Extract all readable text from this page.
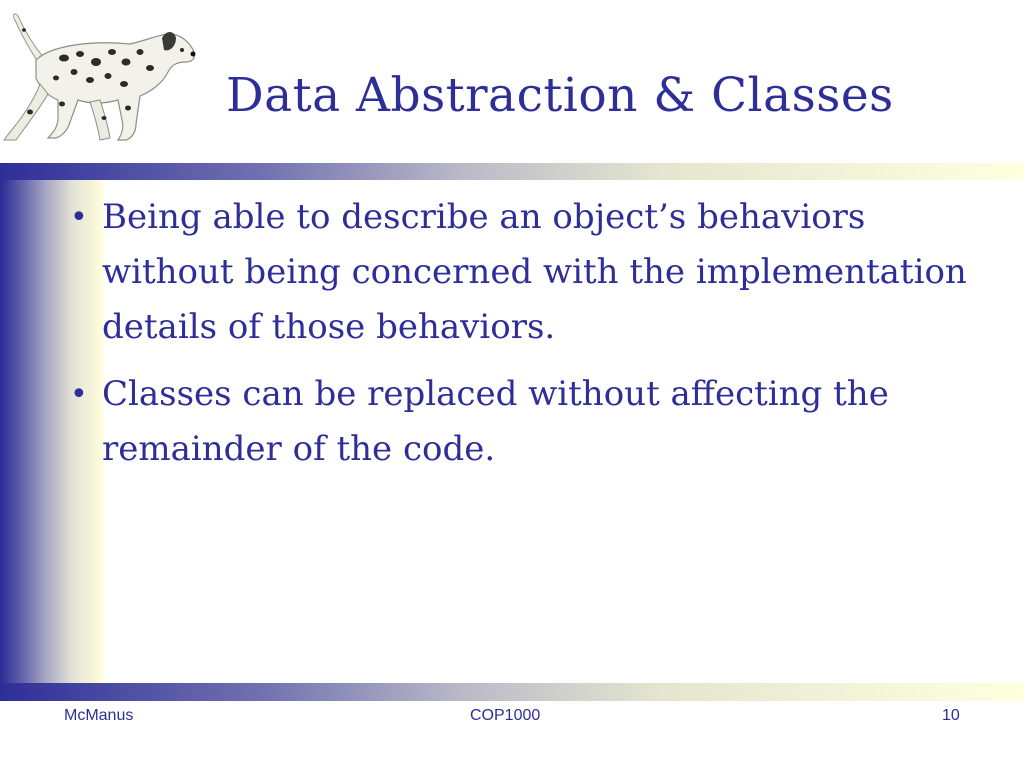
Data Abstraction & Classes
• Being able to describe an object’s behaviors without being concerned with the implementation details of those behaviors.
• Classes can be replaced without affecting the remainder of the code.
McManus	COP1000	10
